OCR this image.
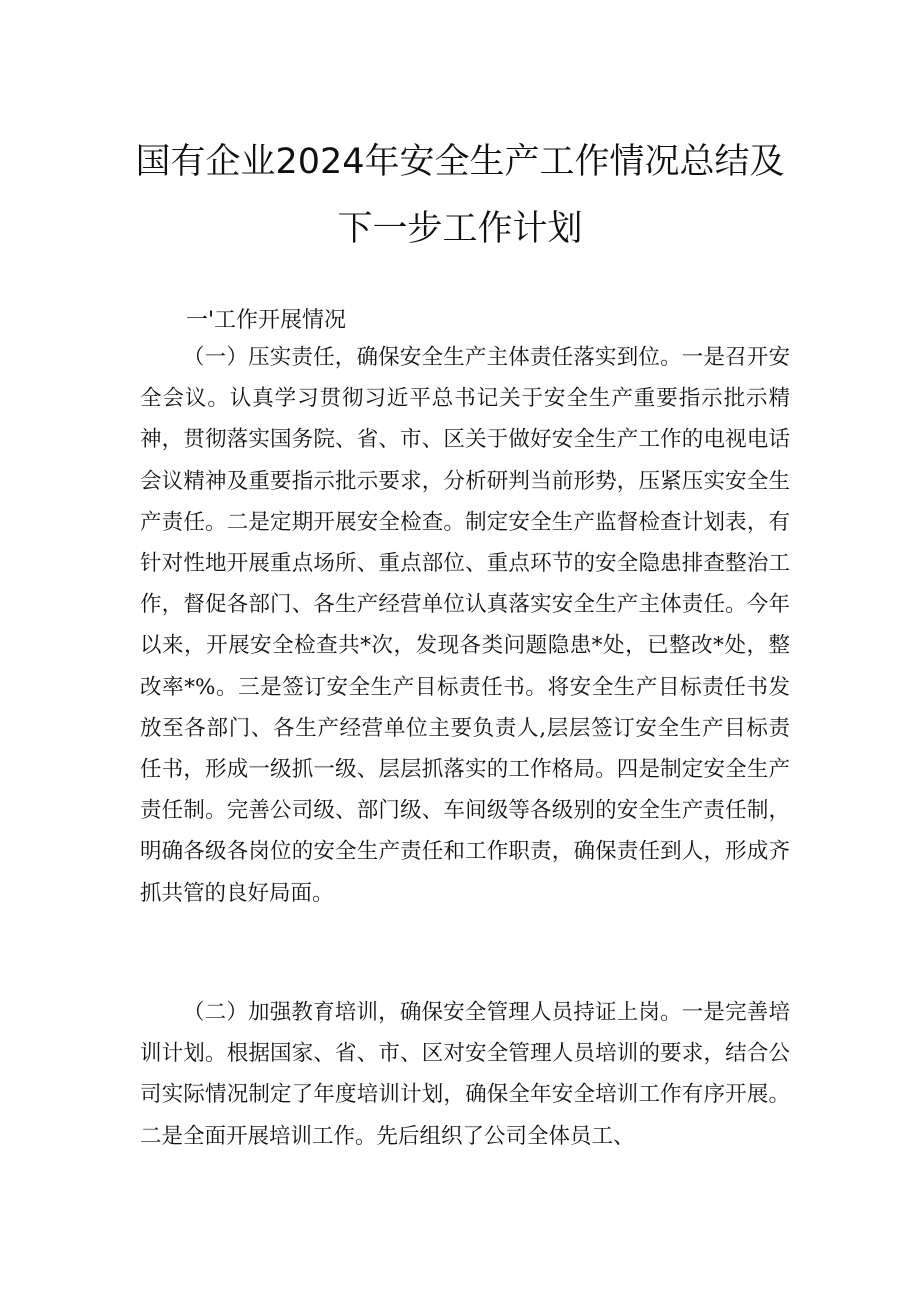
国有企业2024年安全生产工作情况总结及
下一步工作计划
一'工作开展情况
（一）压实责任，确保安全生产主体责任落实到位。一是召开安全会议。认真学习贯彻习近平总书记关于安全生产重要指示批示精神，贯彻落实国务院、省、市、区关于做好安全生产工作的电视电话会议精神及重要指示批示要求，分析研判当前形势，压紧压实安全生产责任。二是定期开展安全检查。制定安全生产监督检查计划表，有针对性地开展重点场所、重点部位、重点环节的安全隐患排查整治工作，督促各部门、各生产经营单位认真落实安全生产主体责任。今年以来，开展安全检查共*次，发现各类问题隐患*处，已整改*处，整改率*%。三是签订安全生产目标责任书。将安全生产目标责任书发放至各部门、各生产经营单位主要负责人,层层签订安全生产目标责任书，形成一级抓一级、层层抓落实的工作格局。四是制定安全生产责任制。完善公司级、部门级、车间级等各级别的安全生产责任制，明确各级各岗位的安全生产责任和工作职责，确保责任到人，形成齐抓共管的良好局面。
（二）加强教育培训，确保安全管理人员持证上岗。一是完善培训计划。根据国家、省、市、区对安全管理人员培训的要求，结合公司实际情况制定了年度培训计划，确保全年安全培训工作有序开展。二是全面开展培训工作。先后组织了公司全体员工、
